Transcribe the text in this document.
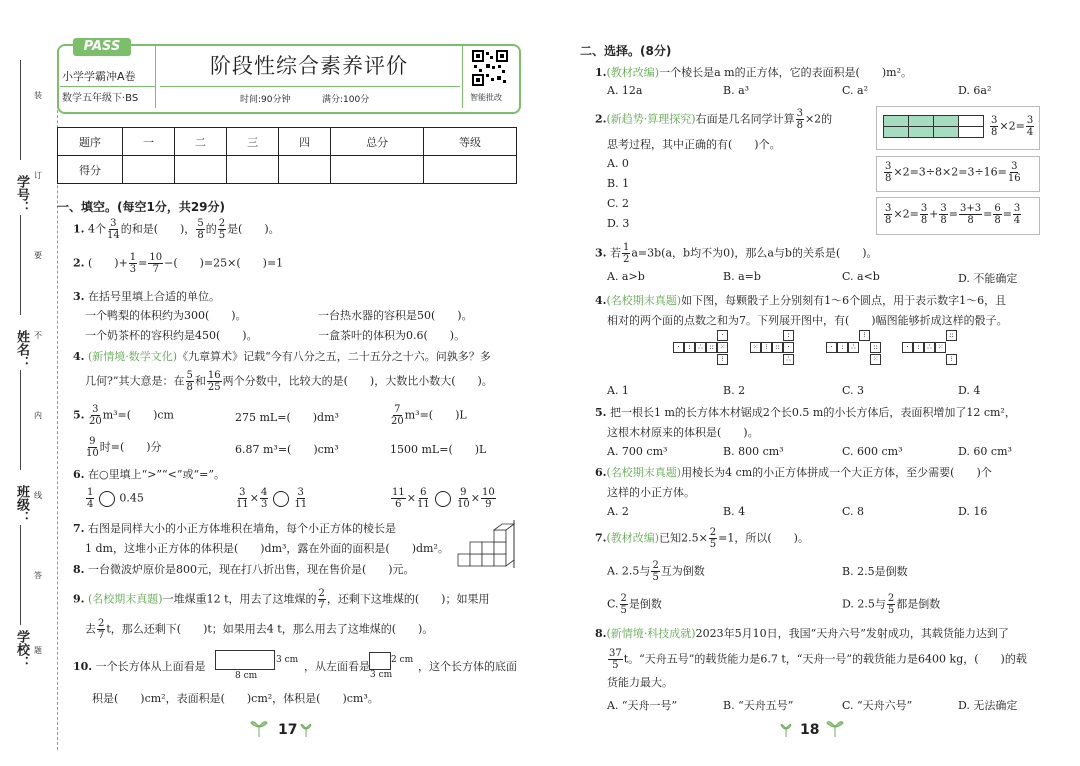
学号：
姓名：
班级：
学校：
装
订
线
内
不
要
答
题
PASS
小学学霸冲A卷
数学五年级下·BS
阶段性综合素养评价
时间:90分钟	满分:100分	智能批改
题序	一	二	三	四	总分	等级
得分						
一、填空。(每空1分，共29分)
1. 4个 $\frac{3}{14}$ 的和是(　　)， $\frac{5}{8}$ 的 $\frac{2}{5}$ 是(　　)。
2. (　　)+ $\frac{1}{3} = \frac{10}{7}$ −(　　)=25×(　　)=1
3. 在括号里填上合适的单位。
一个鸭梨的体积约为300(　　)。	一台热水器的容积是50(　　)。
一个奶茶杯的容积约是450(　　)。	一盒茶叶的体积为0.6(　　)。
4. (新情境·数学文化)《九章算术》记载“今有八分之五，二十五分之十六。问孰多？多
几何?”其大意是：在 $\frac{5}{8}$ 和 $\frac{16}{25}$ 两个分数中，比较大的是(　　)，大数比小数大(　　)。
5. $\frac{3}{20} m^3=$(　　)cm	275 mL=(　　)dm³	$\frac{7}{20} m^3=$(　　)L
$\frac{9}{10}$ 时=(　　)分	6.87 m³=(　　)cm³	1500 mL=(　　)L
6. 在○里填上“>”“<”或“=”。
$\frac{1}{4} 0.45$	$\frac{3}{11} \times \frac{4}{3}$	$\frac{3}{11}$	$\frac{11}{6} \times \frac{6}{11}$	$\frac{9}{10} \times \frac{10}{9}$
7. 右图是同样大小的小正方体堆积在墙角，每个小正方体的棱长是
1 dm，这堆小正方体的体积是(　　)dm³，露在外面的面积是(　　)dm²。
8. 一台微波炉原价是800元，现在打八折出售，现在售价是(　　)元。
9. (名校期末真题)一堆煤重12 t，用去了这堆煤的 $\frac{2}{7}$ ，还剩下这堆煤的(　　)；如果用
去 $\frac{2}{7}$ t，那么还剩下(　　)t；如果用去4 t，那么用去了这堆煤的(　　)。
10. 一个长方体从上面看是	3 cm
8 cm
，从左面看是 2 cm
3 cm
，这个长方体的底面
积是(　　)cm²，表面积是(　　)cm²，体积是(　　)cm³。
17
二、选择。(8分)
1.(教材改编)一个棱长是a m的正方体，它的表面积是(　　)m²。
A. 12a	B. a³	C. a²	D. 6a²
2.(新趋势·算理探究)右面是几名同学计算 $\frac{3}{8} \times 2$的
思考过程，其中正确的有(　　)个。
A. 0
B. 1
C. 2
D. 3
$\frac{3}{8} \times 2= \frac{3}{4}$
$\frac{3}{8} \times 2=3\div 8\times 2=3\div 16= \frac{3}{16}$
$\frac{3}{8} \times 2= \frac{3}{8} + \frac{3}{8} = \frac{3+3}{8} = \frac{6}{8} = \frac{3}{4}$
3. 若 $\frac{1}{2} a=3b(a$，b均不为0)，那么a与b的关系是(　　)。
A. a>b	B. a=b	C. a<b	D. 不能确定
4.(名校期末真题)如下图，每颗骰子上分别刻有1～6个圆点，用于表示数字1～6，且
相对的两个面的点数之和为7。下列展开图中，有(　　)幅图能够折成这样的骰子。
·
·	:	∴ :: ⁙
⁝
⁙ ⁝	::	·
:
∴
·	:	∴
⁝
::
⁙
·	:	∴ ⁙
::
⁝
A. 1	B. 2	C. 3	D. 4
5. 把一根长1 m的长方体木材锯成2个长0.5 m的小长方体后，表面积增加了12 cm²，
这根木材原来的体积是(　　)。
A. 700 cm³	B. 800 cm³	C. 600 cm³	D. 60 cm³
6.(名校期末真题)用棱长为4 cm的小正方体拼成一个大正方体，至少需要(　　)个
这样的小正方体。
A. 2	B. 4	C. 8	D. 16
7.(教材改编)已知$2.5\times \frac{2}{5} =1$，所以(　　)。
A. 2.5与 $\frac{2}{5}$ 互为倒数	B. 2.5是倒数
C. $\frac{2}{5}$ 是倒数	D. 2.5与 $\frac{2}{5}$ 都是倒数
8.(新情境·科技成就)2023年5月10日，我国“天舟六号”发射成功，其载货能力达到了
$\frac{37}{5}$ t。“天舟五号”的载货能力是6.7 t，“天舟一号”的载货能力是6400 kg，(　　)的载
货能力最大。
A. “天舟一号”	B. “天舟五号”	C. “天舟六号”	D. 无法确定
18
